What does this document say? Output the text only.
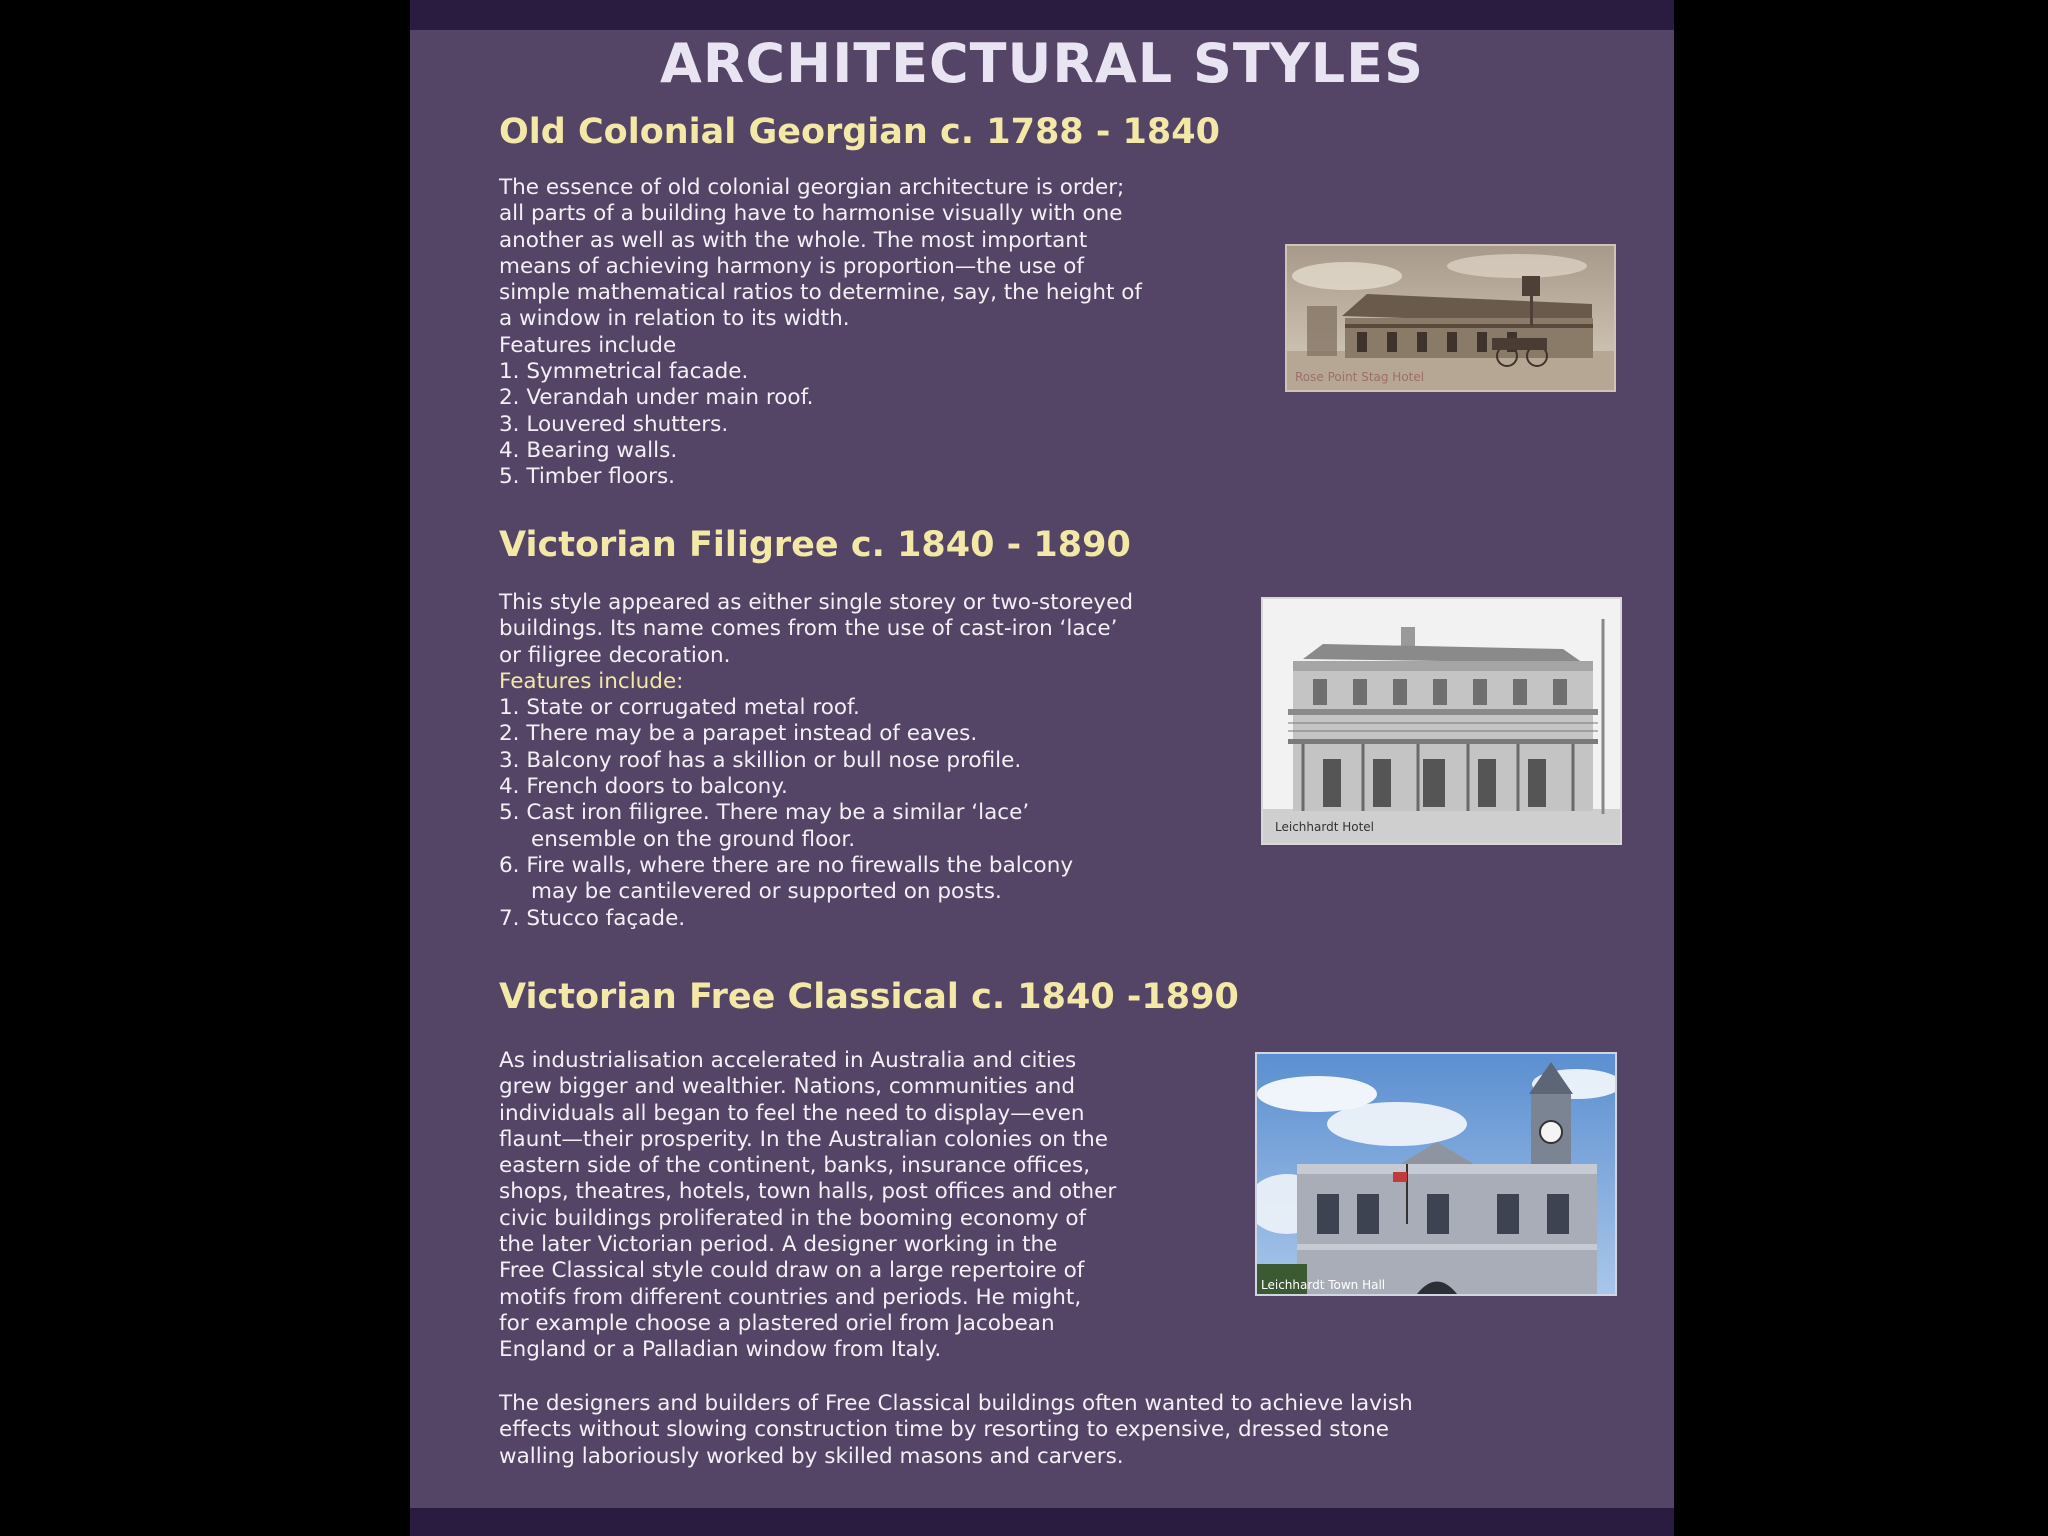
ARCHITECTURAL STYLES
Old Colonial Georgian c. 1788 - 1840
The essence of old colonial georgian architecture is order;
all parts of a building have to harmonise visually with one
another as well as with the whole. The most important
means of achieving harmony is proportion—the use of
simple mathematical ratios to determine, say, the height of
a window in relation to its width.
Features include
1. Symmetrical facade.
2. Verandah under main roof.
3. Louvered shutters.
4. Bearing walls.
5. Timber floors.
Rose Point Stag Hotel
Victorian Filigree c. 1840 - 1890
This style appeared as either single storey or two-storeyed
buildings. Its name comes from the use of cast-iron ‘lace’
or filigree decoration.
Features include:
1. State or corrugated metal roof.
2. There may be a parapet instead of eaves.
3. Balcony roof has a skillion or bull nose profile.
4. French doors to balcony.
5. Cast iron filigree. There may be a similar ‘lace’
ensemble on the ground floor.
6. Fire walls, where there are no firewalls the balcony
may be cantilevered or supported on posts.
7. Stucco façade.
Leichhardt Hotel
Victorian Free Classical c. 1840 -1890
As industrialisation accelerated in Australia and cities
grew bigger and wealthier. Nations, communities and
individuals all began to feel the need to display—even
flaunt—their prosperity. In the Australian colonies on the
eastern side of the continent, banks, insurance offices,
shops, theatres, hotels, town halls, post offices and other
civic buildings proliferated in the booming economy of
the later Victorian period. A designer working in the
Free Classical style could draw on a large repertoire of
motifs from different countries and periods. He might,
for example choose a plastered oriel from Jacobean
England or a Palladian window from Italy.
The designers and builders of Free Classical buildings often wanted to achieve lavish
effects without slowing construction time by resorting to expensive, dressed stone
walling laboriously worked by skilled masons and carvers.
Leichhardt Town Hall
